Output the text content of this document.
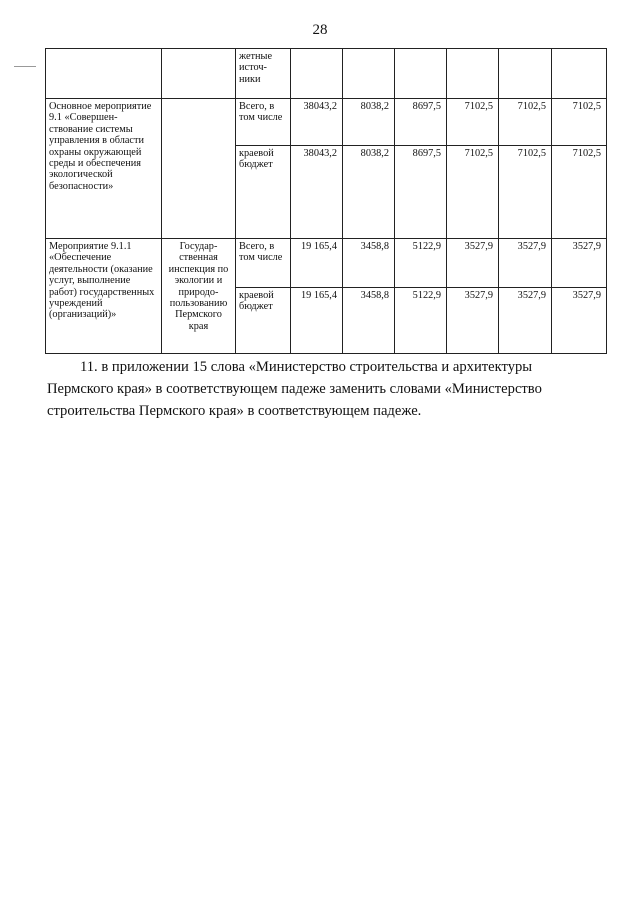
28
		жетные источ-ники						
Основное мероприятие 9.1 «Совершен-ствование системы управления в области охраны окружающей среды и обеспечения экологической безопасности»		Всего, в том числе	38043,2	8038,2	8697,5	7102,5	7102,5	7102,5
		краевой бюджет	38043,2	8038,2	8697,5	7102,5	7102,5	7102,5
Мероприятие 9.1.1 «Обеспечение деятельности (оказание услуг, выполнение работ) государственных учреждений (организаций)»	Государ-ственная инспекция по экологии и природо-пользованию Пермского края	Всего, в том числе	19 165,4	3458,8	5122,9	3527,9	3527,9	3527,9
		краевой бюджет	19 165,4	3458,8	5122,9	3527,9	3527,9	3527,9
11. в приложении 15 слова «Министерство строительства и архитектуры
Пермского края» в соответствующем падеже заменить словами «Министерство
строительства Пермского края» в соответствующем падеже.
